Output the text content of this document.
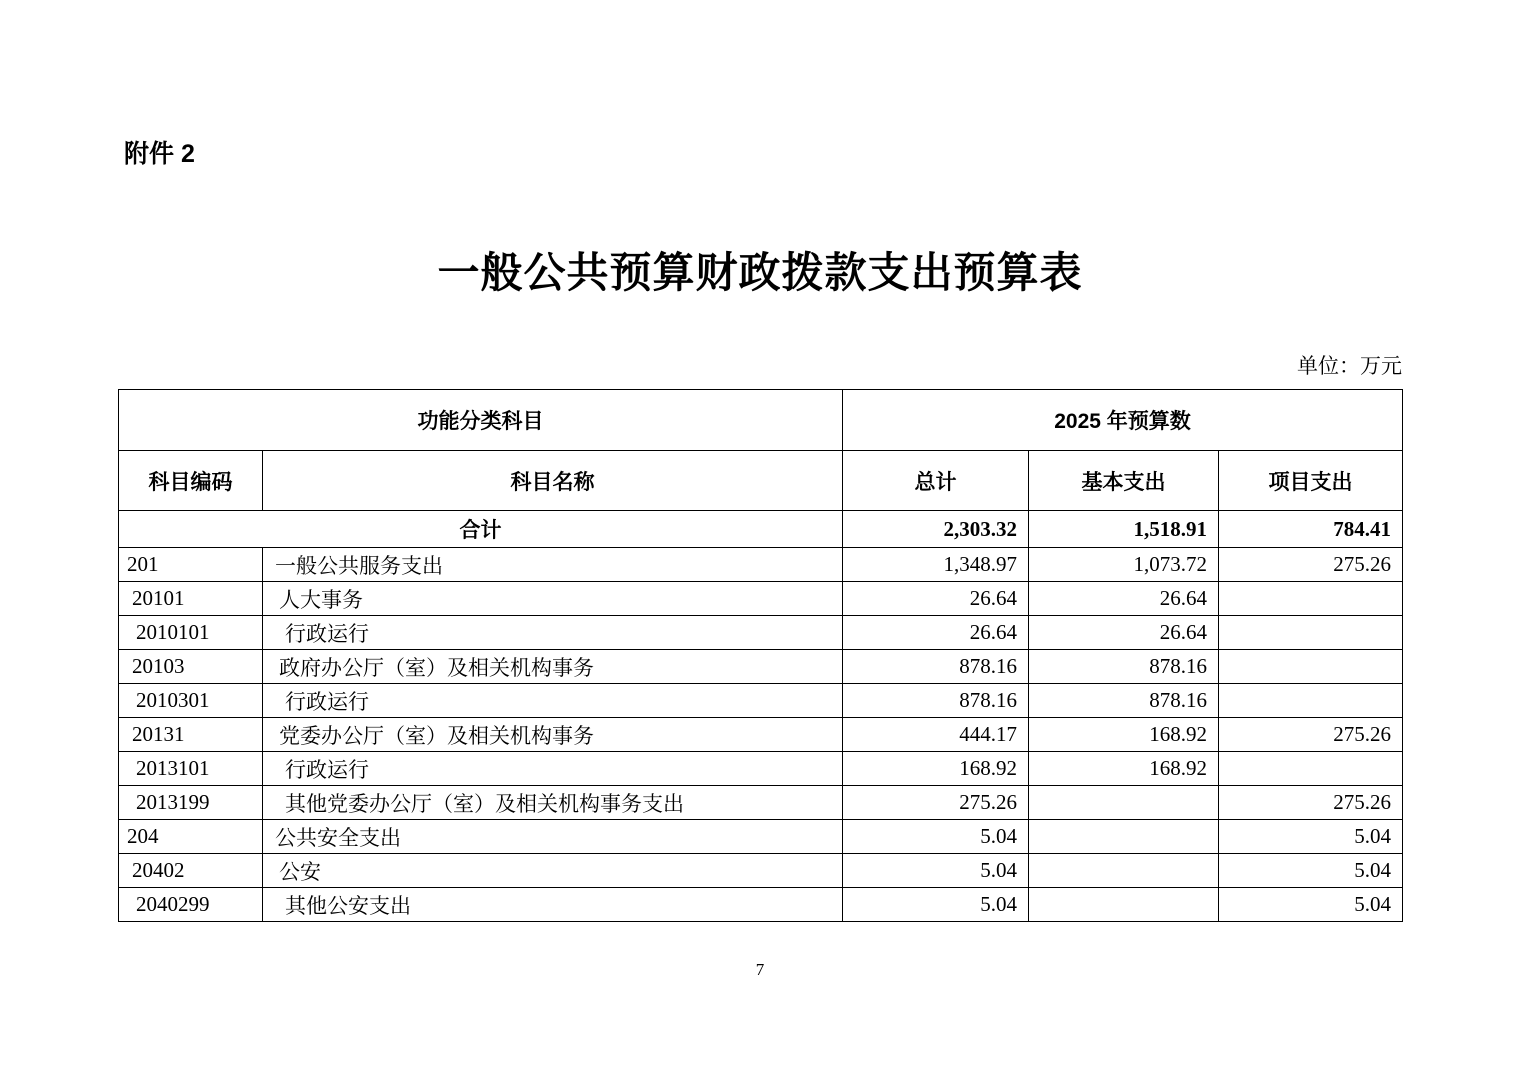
附件 2
一般公共预算财政拨款支出预算表
单位：万元
功能分类科目		2025 年预算数		
科目编码	科目名称	总计	基本支出	项目支出
合计		2,303.32	1,518.91	784.41
201	一般公共服务支出	1,348.97	1,073.72	275.26
20101	人大事务	26.64	26.64	
2010101	行政运行	26.64	26.64	
20103	政府办公厅（室）及相关机构事务	878.16	878.16	
2010301	行政运行	878.16	878.16	
20131	党委办公厅（室）及相关机构事务	444.17	168.92	275.26
2013101	行政运行	168.92	168.92	
2013199	其他党委办公厅（室）及相关机构事务支出	275.26		275.26
204	公共安全支出	5.04		5.04
20402	公安	5.04		5.04
2040299	其他公安支出	5.04		5.04
7
